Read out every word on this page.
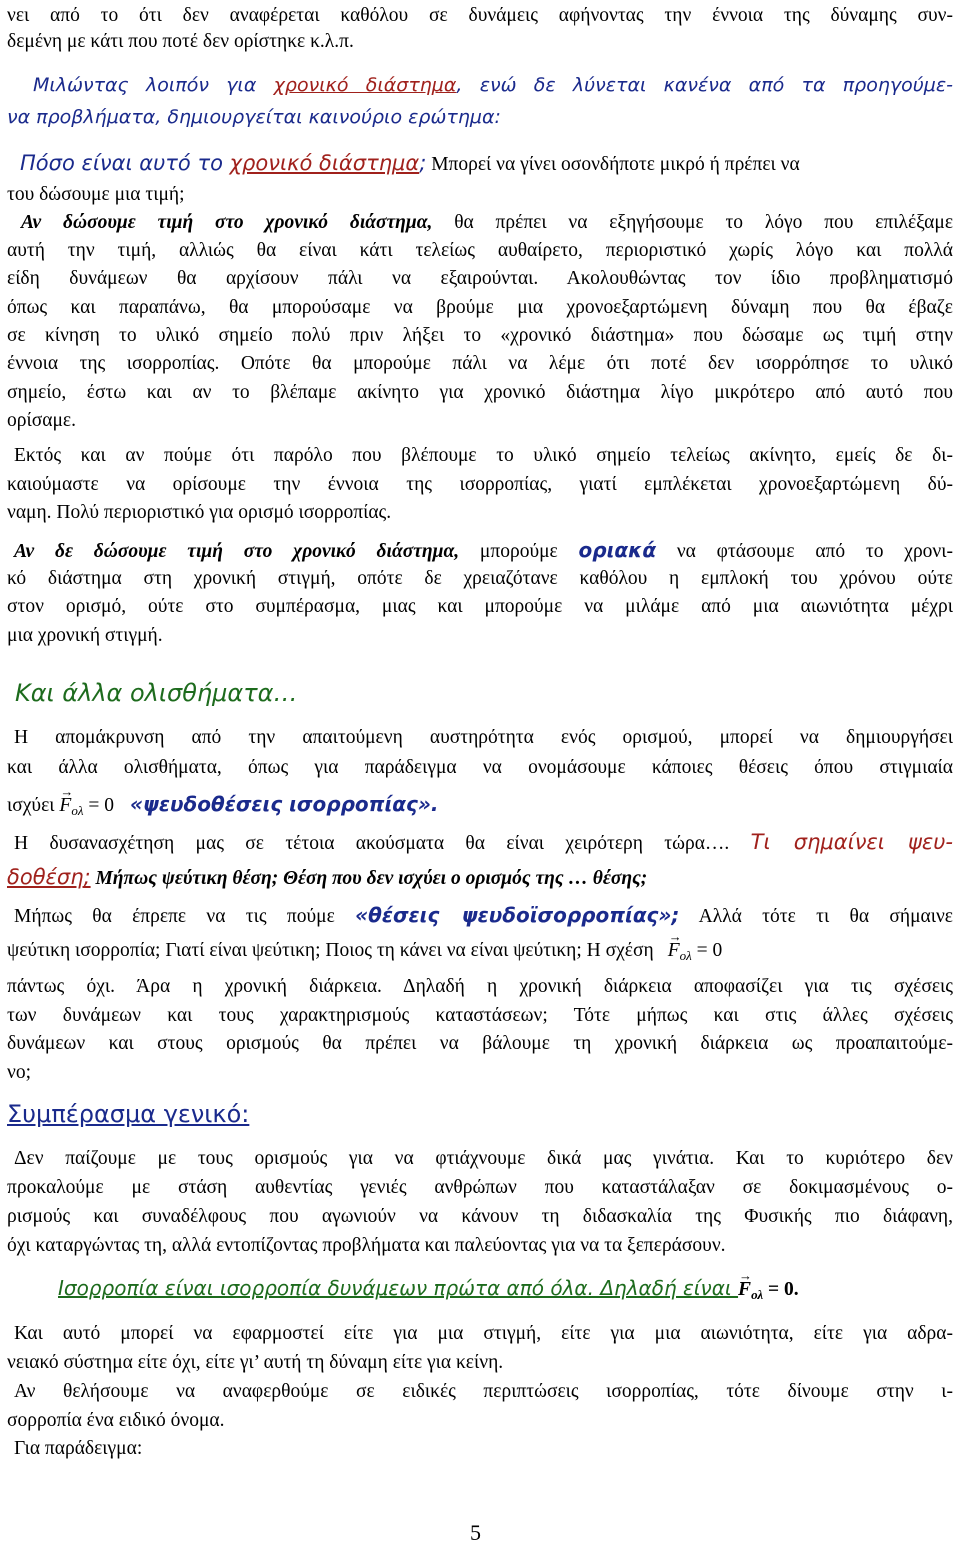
νει από το ότι δεν αναφέρεται καθόλου σε δυνάμεις αφήνοντας την έννοια της δύναμης συν-
δεμένη με κάτι που ποτέ δεν ορίστηκε κ.λ.π.
Μιλώντας λοιπόν για χρονικό διάστημα, ενώ δε λύνεται κανένα από τα προηγούμε-
να προβλήματα, δημιουργείται καινούριο ερώτημα:
Πόσο είναι αυτό το χρονικό διάστημα; Μπορεί να γίνει οσονδήποτε μικρό ή πρέπει να
του δώσουμε μια τιμή;
Αν δώσουμε τιμή στο χρονικό διάστημα, θα πρέπει να εξηγήσουμε το λόγο που επιλέξαμε
αυτή την τιμή, αλλιώς θα είναι κάτι τελείως αυθαίρετο, περιοριστικό χωρίς λόγο και πολλά
είδη δυνάμεων θα αρχίσουν πάλι να εξαιρούνται. Ακολουθώντας τον ίδιο προβληματισμό
όπως και παραπάνω, θα μπορούσαμε να βρούμε μια χρονοεξαρτώμενη δύναμη που θα έβαζε
σε κίνηση το υλικό σημείο πολύ πριν λήξει το «χρονικό διάστημα» που δώσαμε ως τιμή στην
έννοια της ισορροπίας. Οπότε θα μπορούμε πάλι να λέμε ότι ποτέ δεν ισορρόπησε το υλικό
σημείο, έστω και αν το βλέπαμε ακίνητο για χρονικό διάστημα λίγο μικρότερο από αυτό που
ορίσαμε.
Εκτός και αν πούμε ότι παρόλο που βλέπουμε το υλικό σημείο τελείως ακίνητο, εμείς δε δι-
καιούμαστε να ορίσουμε την έννοια της ισορροπίας, γιατί εμπλέκεται χρονοεξαρτώμενη δύ-
ναμη. Πολύ περιοριστικό για ορισμό ισορροπίας.
Αν δε δώσουμε τιμή στο χρονικό διάστημα, μπορούμε οριακά να φτάσουμε από το χρονι-
κό διάστημα στη χρονική στιγμή, οπότε δε χρειαζότανε καθόλου η εμπλοκή του χρόνου ούτε
στον ορισμό, ούτε στο συμπέρασμα, μιας και μπορούμε να μιλάμε από μια αιωνιότητα μέχρι
μια χρονική στιγμή.
Και άλλα ολισθήματα…
Η απομάκρυνση από την απαιτούμενη αυστηρότητα ενός ορισμού, μπορεί να δημιουργήσει
και άλλα ολισθήματα, όπως για παράδειγμα να ονομάσουμε κάποιες θέσεις όπου στιγμιαία
$\iota\sigma\chi ύ\varepsilon\iota \to F_{o\lambda} = 0$ «ψευδοθέσεις ισορροπίας».
Η δυσανασχέτηση μας σε τέτοια ακούσματα θα είναι χειρότερη τώρα…. Τι σημαίνει ψευ-
δοθέση; Μήπως ψεύτικη θέση; Θέση που δεν ισχύει ο ορισμός της … θέσης;
Μήπως θα έπρεπε να τις πούμε «θέσεις ψευδοϊσορροπίας»; Αλλά τότε τι θα σήμαινε
ψεύτικη ισορροπία; Γιατί είναι ψεύτικη; Ποιος τη κάνει να είναι ψεύτικη; Η $\sigma\chi έ\sigma\eta\to F_{o\lambda} = 0$
πάντως όχι. Άρα η χρονική διάρκεια. Δηλαδή η χρονική διάρκεια αποφασίζει για τις σχέσεις
των δυνάμεων και τους χαρακτηρισμούς καταστάσεων; Τότε μήπως και στις άλλες σχέσεις
δυνάμεων και στους ορισμούς θα πρέπει να βάλουμε τη χρονική διάρκεια ως προαπαιτούμε-
νο;
Συμπέρασμα γενικό:
Δεν παίζουμε με τους ορισμούς για να φτιάχνουμε δικά μας γινάτια. Και το κυριότερο δεν
προκαλούμε με στάση αυθεντίας γενιές ανθρώπων που καταστάλαξαν σε δοκιμασμένους ο-
ρισμούς και συναδέλφους που αγωνιούν να κάνουν τη διδασκαλία της Φυσικής πιο διάφανη,
όχι καταργώντας τη, αλλά εντοπίζοντας προβλήματα και παλεύοντας για να τα ξεπεράσουν.
Ισορροπία είναι ισορροπία δυνάμεων πρώτα από όλα. Δηλαδή $\varepsilon ί\nu\alpha\iota \to F_{o\lambda} = 0$.
Και αυτό μπορεί να εφαρμοστεί είτε για μια στιγμή, είτε για μια αιωνιότητα, είτε για αδρα-
νειακό σύστημα είτε όχι, είτε γι’ αυτή τη δύναμη είτε για κείνη.
Αν θελήσουμε να αναφερθούμε σε ειδικές περιπτώσεις ισορροπίας, τότε δίνουμε στην ι-
σορροπία ένα ειδικό όνομα.
Για παράδειγμα:
5
